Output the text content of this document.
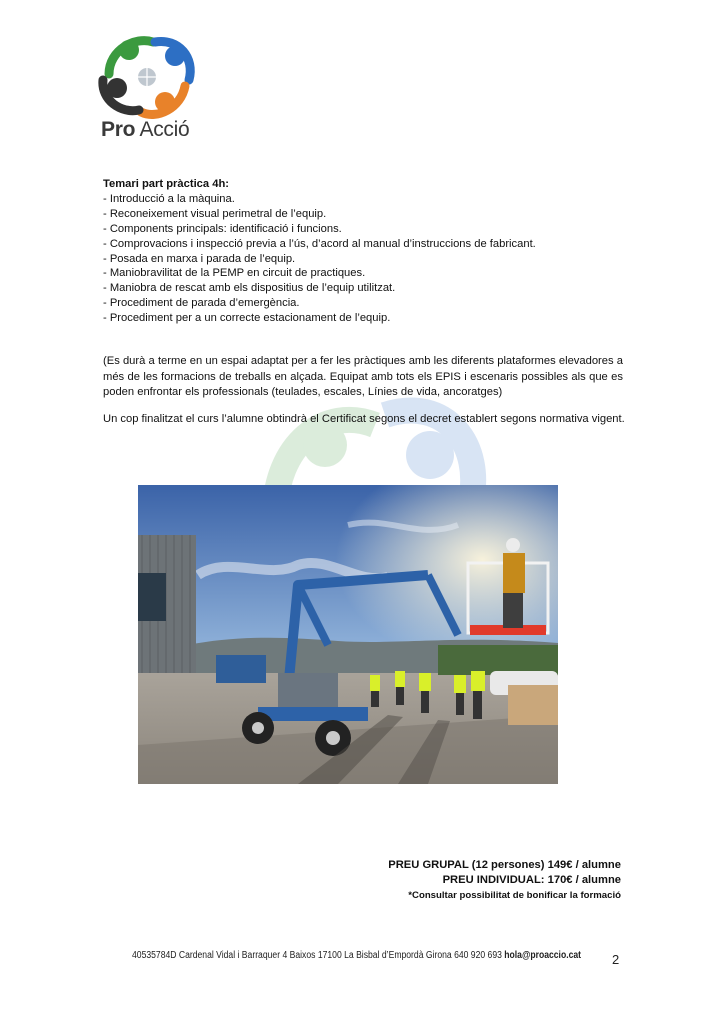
Pro Acció
Temari part pràctica 4h:
- Introducció a la màquina.
- Reconeixement visual perimetral de l’equip.
- Components principals: identificació i funcions.
- Comprovacions i inspecció previa a l’ús, d’acord al manual d’instruccions de fabricant.
- Posada en marxa i parada de l’equip.
- Maniobravilitat de la PEMP en circuit de practiques.
- Maniobra de rescat amb els dispositius de l’equip utilitzat.
- Procediment de parada d’emergència.
- Procediment per a un correcte estacionament de l’equip.
(Es durà a terme en un espai adaptat per a fer les pràctiques amb les diferents plataformes elevadores a més de les formacions de treballs en alçada. Equipat amb tots els EPIS i escenaris possibles als que es poden enfrontar els professionals (teulades, escales, Línies de vida, ancoratges)
Un cop finalitzat el curs l’alumne obtindrà el Certificat segons el decret establert segons normativa vigent.
PREU GRUPAL (12 persones) 149€ / alumne
PREU INDIVIDUAL: 170€ / alumne
*Consultar possibilitat de bonificar la formació
40535784D Cardenal Vidal i Barraquer 4 Baixos 17100 La Bisbal d’Empordà Girona 640 920 693 hola@proaccio.cat 2
